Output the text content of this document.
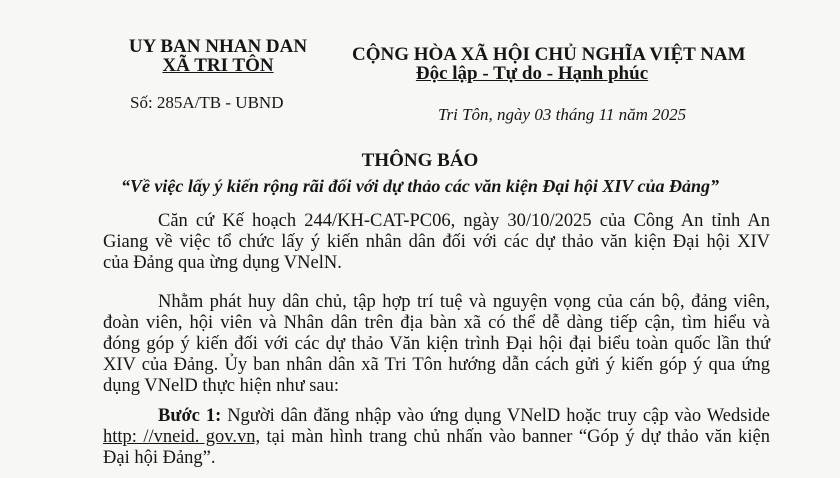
UY BAN NHAN DAN
XÃ TRI TÔN
Số: 285A/TB - UBND
CỘNG HÒA XÃ HỘI CHỦ NGHĨA VIỆT NAM
Độc lập - Tự do - Hạnh phúc
Tri Tôn, ngày 03 tháng 11 năm 2025
THÔNG BÁO
“Về việc lấy ý kiến rộng rãi đối với dự thảo các văn kiện Đại hội XIV của Đảng”
Căn cứ Kế hoạch 244/KH-CAT-PC06, ngày 30/10/2025 của Công An tỉnh An
Giang về việc tổ chức lấy ý kiến nhân dân đối với các dự thảo văn kiện Đại hội XIV
của Đảng qua ừng dụng VNelN.
Nhằm phát huy dân chủ, tập hợp trí tuệ và nguyện vọng của cán bộ, đảng viên,
đoàn viên, hội viên và Nhân dân trên địa bàn xã có thể dễ dàng tiếp cận, tìm hiểu và
đóng góp ý kiến đối với các dự thảo Văn kiện trình Đại hội đại biểu toàn quốc lần thứ
XIV của Đảng. Ủy ban nhân dân xã Tri Tôn hướng dẫn cách gửi ý kiến góp ý qua ứng
dụng VNelD thực hiện như sau:
Bước 1: Người dân đăng nhập vào ứng dụng VNelD hoặc truy cập vào Wedside
http: //vneid. gov.vn, tại màn hình trang chủ nhấn vào banner “Góp ý dự thảo văn kiện
Đại hội Đảng”.
